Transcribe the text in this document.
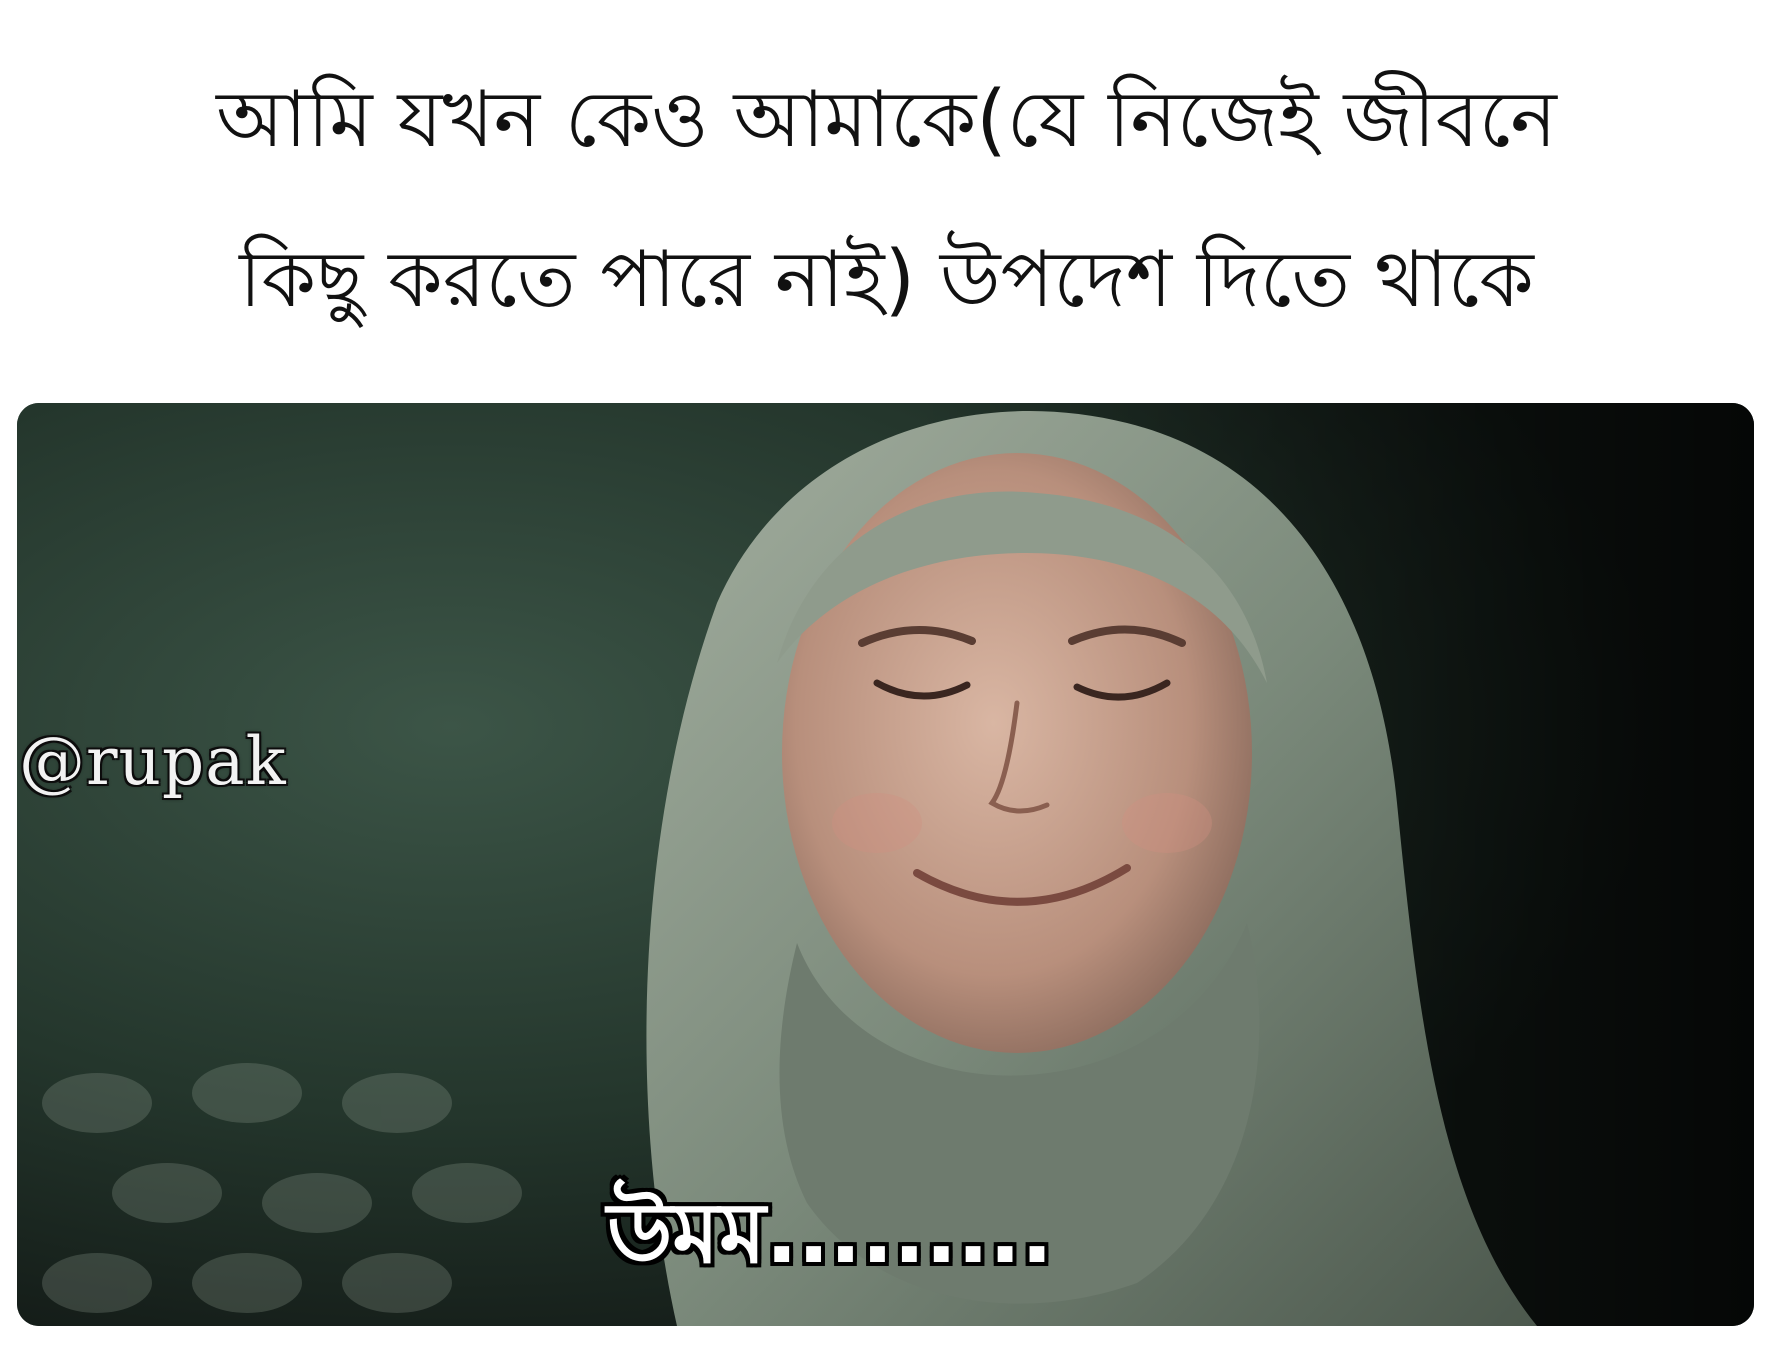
আমি যখন কেও আমাকে(যে নিজেই জীবনে
কিছু করতে পারে নাই) উপদেশ দিতে থাকে
@rupak
উমম.........
